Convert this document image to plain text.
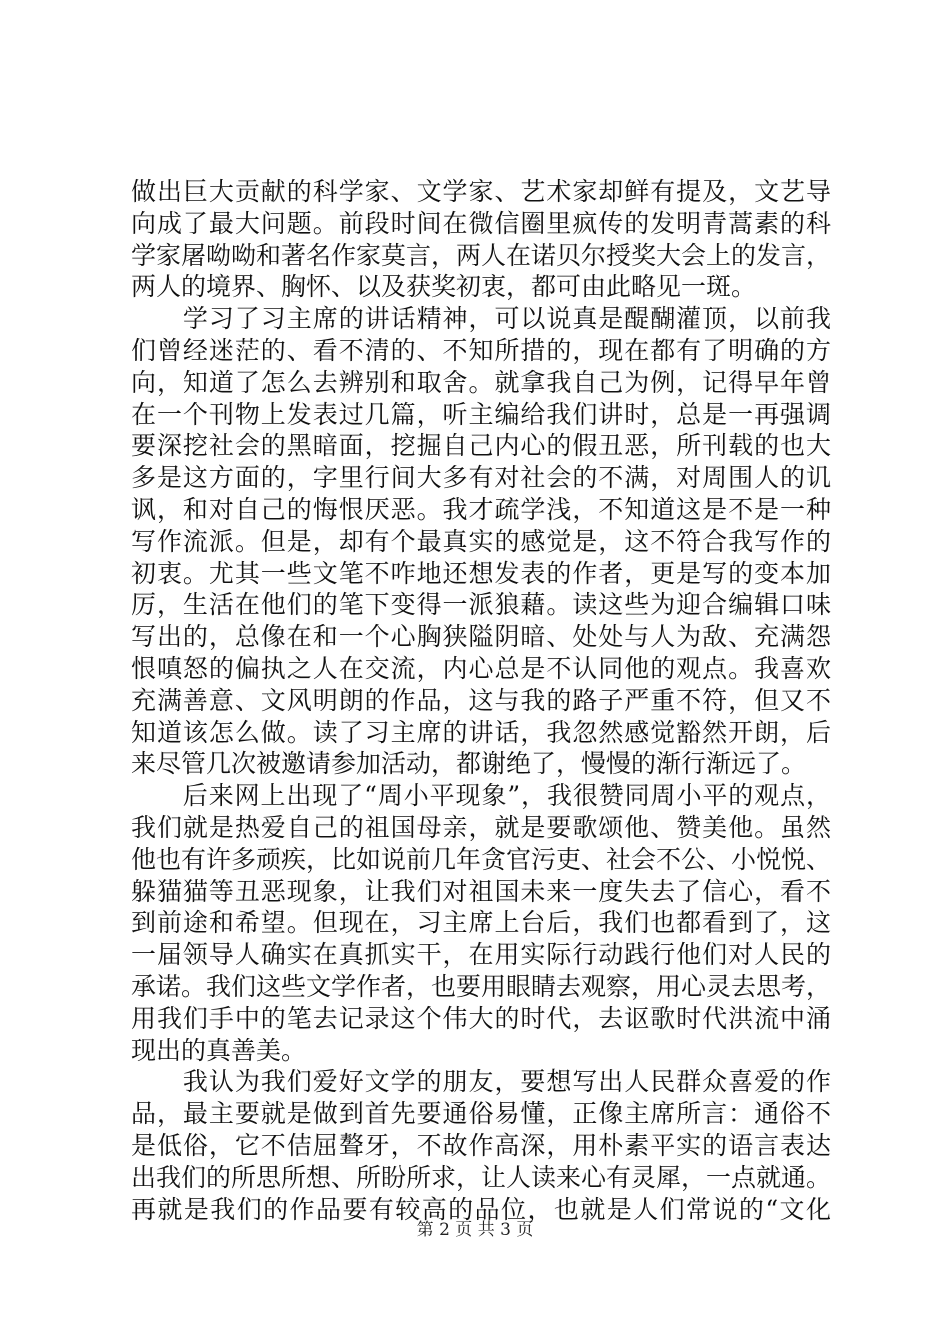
做出巨大贡献的科学家、文学家、艺术家却鲜有提及，文艺导
向成了最大问题。前段时间在微信圈里疯传的发明青蒿素的科
学家屠呦呦和著名作家莫言，两人在诺贝尔授奖大会上的发言，
两人的境界、胸怀、以及获奖初衷，都可由此略见一斑。
　　学习了习主席的讲话精神，可以说真是醍醐灌顶，以前我
们曾经迷茫的、看不清的、不知所措的，现在都有了明确的方
向，知道了怎么去辨别和取舍。就拿我自己为例，记得早年曾
在一个刊物上发表过几篇，听主编给我们讲时，总是一再强调
要深挖社会的黑暗面，挖掘自己内心的假丑恶，所刊载的也大
多是这方面的，字里行间大多有对社会的不满，对周围人的讥
讽，和对自己的悔恨厌恶。我才疏学浅，不知道这是不是一种
写作流派。但是，却有个最真实的感觉是，这不符合我写作的
初衷。尤其一些文笔不咋地还想发表的作者，更是写的变本加
厉，生活在他们的笔下变得一派狼藉。读这些为迎合编辑口味
写出的，总像在和一个心胸狭隘阴暗、处处与人为敌、充满怨
恨嗔怒的偏执之人在交流，内心总是不认同他的观点。我喜欢
充满善意、文风明朗的作品，这与我的路子严重不符，但又不
知道该怎么做。读了习主席的讲话，我忽然感觉豁然开朗，后
来尽管几次被邀请参加活动，都谢绝了，慢慢的渐行渐远了。
　　后来网上出现了“周小平现象”，我很赞同周小平的观点，
我们就是热爱自己的祖国母亲，就是要歌颂他、赞美他。虽然
他也有许多顽疾，比如说前几年贪官污吏、社会不公、小悦悦、
躲猫猫等丑恶现象，让我们对祖国未来一度失去了信心，看不
到前途和希望。但现在，习主席上台后，我们也都看到了，这
一届领导人确实在真抓实干，在用实际行动践行他们对人民的
承诺。我们这些文学作者，也要用眼睛去观察，用心灵去思考，
用我们手中的笔去记录这个伟大的时代，去讴歌时代洪流中涌
现出的真善美。
　　我认为我们爱好文学的朋友，要想写出人民群众喜爱的作
品，最主要就是做到首先要通俗易懂，正像主席所言：通俗不
是低俗，它不佶屈聱牙，不故作高深，用朴素平实的语言表达
出我们的所思所想、所盼所求，让人读来心有灵犀，一点就通。
再就是我们的作品要有较高的品位，也就是人们常说的“文化
第 2 页 共 3 页
